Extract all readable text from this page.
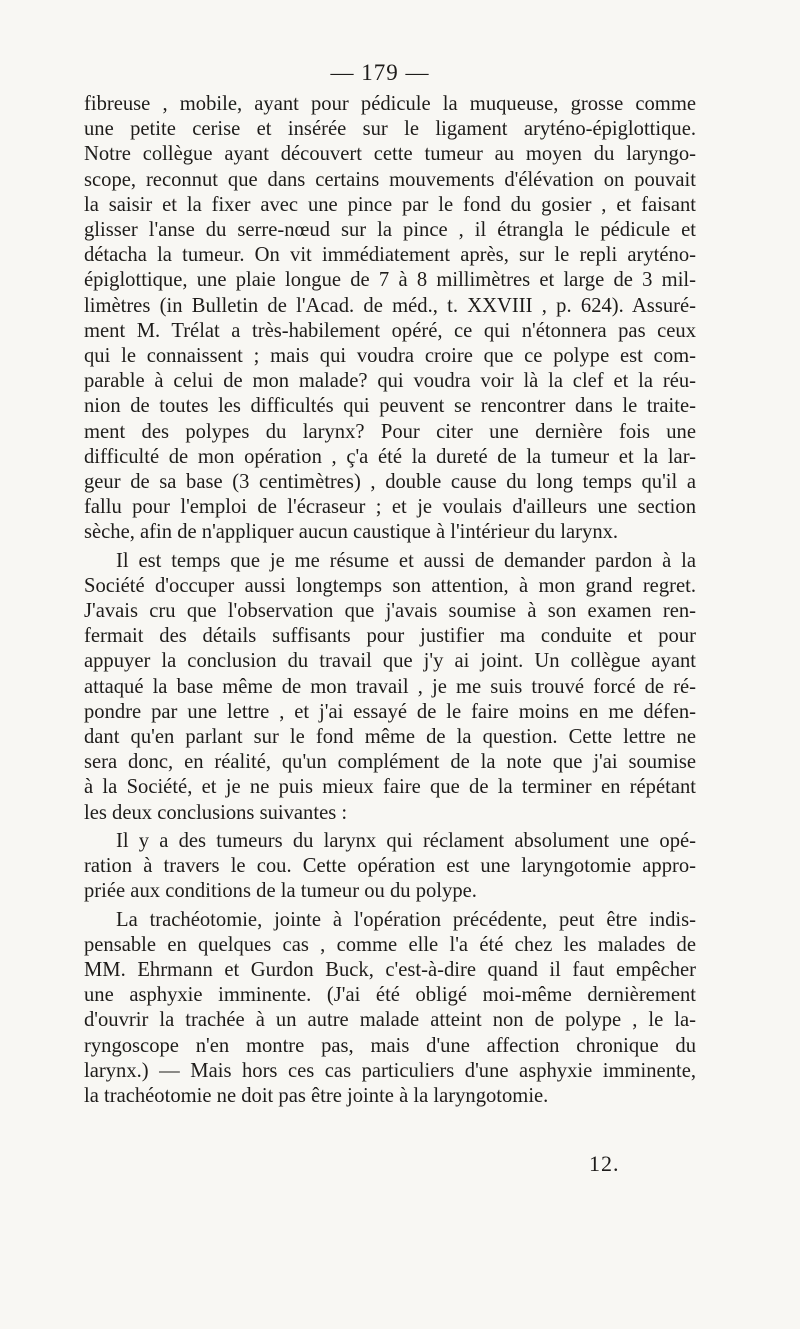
— 179 —
fibreuse , mobile, ayant pour pédicule la muqueuse, grosse comme
une petite cerise et insérée sur le ligament aryténo-épiglottique.
Notre collègue ayant découvert cette tumeur au moyen du laryngo-
scope, reconnut que dans certains mouvements d'élévation on pouvait
la saisir et la fixer avec une pince par le fond du gosier , et faisant
glisser l'anse du serre-nœud sur la pince , il étrangla le pédicule et
détacha la tumeur. On vit immédiatement après, sur le repli aryténo-
épiglottique, une plaie longue de 7 à 8 millimètres et large de 3 mil-
limètres (in Bulletin de l'Acad. de méd., t. XXVIII , p. 624). Assuré-
ment M. Trélat a très-habilement opéré, ce qui n'étonnera pas ceux
qui le connaissent ; mais qui voudra croire que ce polype est com-
parable à celui de mon malade? qui voudra voir là la clef et la réu-
nion de toutes les difficultés qui peuvent se rencontrer dans le traite-
ment des polypes du larynx? Pour citer une dernière fois une
difficulté de mon opération , ç'a été la dureté de la tumeur et la lar-
geur de sa base (3 centimètres) , double cause du long temps qu'il a
fallu pour l'emploi de l'écraseur ; et je voulais d'ailleurs une section
sèche, afin de n'appliquer aucun caustique à l'intérieur du larynx.
Il est temps que je me résume et aussi de demander pardon à la
Société d'occuper aussi longtemps son attention, à mon grand regret.
J'avais cru que l'observation que j'avais soumise à son examen ren-
fermait des détails suffisants pour justifier ma conduite et pour
appuyer la conclusion du travail que j'y ai joint. Un collègue ayant
attaqué la base même de mon travail , je me suis trouvé forcé de ré-
pondre par une lettre , et j'ai essayé de le faire moins en me défen-
dant qu'en parlant sur le fond même de la question. Cette lettre ne
sera donc, en réalité, qu'un complément de la note que j'ai soumise
à la Société, et je ne puis mieux faire que de la terminer en répétant
les deux conclusions suivantes :
Il y a des tumeurs du larynx qui réclament absolument une opé-
ration à travers le cou. Cette opération est une laryngotomie appro-
priée aux conditions de la tumeur ou du polype.
La trachéotomie, jointe à l'opération précédente, peut être indis-
pensable en quelques cas , comme elle l'a été chez les malades de
MM. Ehrmann et Gurdon Buck, c'est-à-dire quand il faut empêcher
une asphyxie imminente. (J'ai été obligé moi-même dernièrement
d'ouvrir la trachée à un autre malade atteint non de polype , le la-
ryngoscope n'en montre pas, mais d'une affection chronique du
larynx.) — Mais hors ces cas particuliers d'une asphyxie imminente,
la trachéotomie ne doit pas être jointe à la laryngotomie.
12.
